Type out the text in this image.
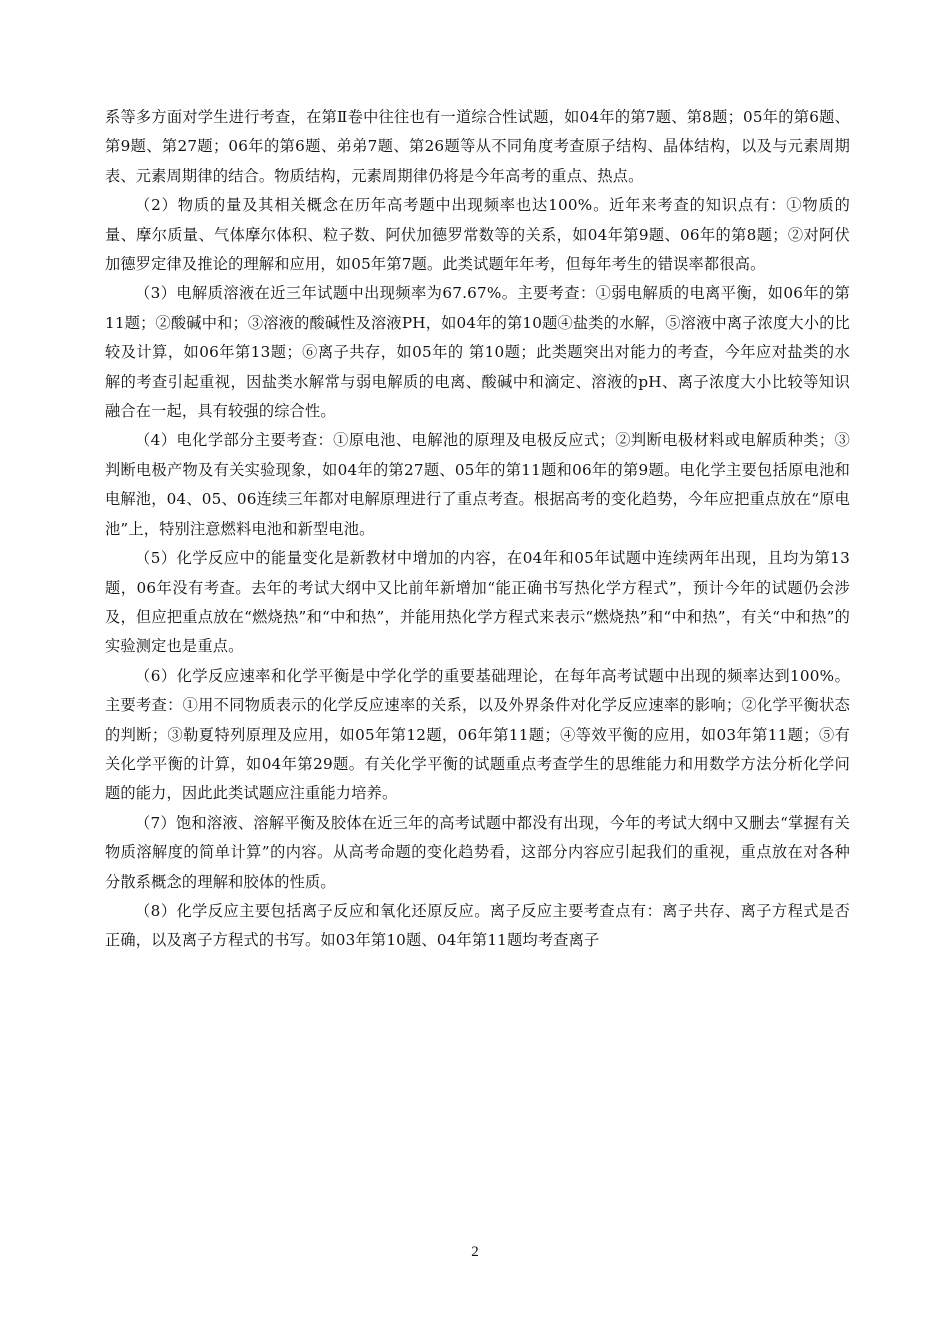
系等多方面对学生进行考查，在第Ⅱ卷中往往也有一道综合性试题，如04年的第7题、第8题；05年的第6题、第9题、第27题；06年的第6题、弟弟7题、第26题等从不同角度考查原子结构、晶体结构，以及与元素周期表、元素周期律的结合。物质结构，元素周期律仍将是今年高考的重点、热点。

（2）物质的量及其相关概念在历年高考题中出现频率也达100%。近年来考查的知识点有：①物质的量、摩尔质量、气体摩尔体积、粒子数、阿伏加德罗常数等的关系，如04年第9题、06年的第8题；②对阿伏加德罗定律及推论的理解和应用，如05年第7题。此类试题年年考，但每年考生的错误率都很高。

（3）电解质溶液在近三年试题中出现频率为67.67%。主要考查：①弱电解质的电离平衡，如06年的第11题；②酸碱中和；③溶液的酸碱性及溶液PH，如04年的第10题④盐类的水解，⑤溶液中离子浓度大小的比较及计算，如06年第13题；⑥离子共存，如05年的 第10题；此类题突出对能力的考查，今年应对盐类的水解的考查引起重视，因盐类水解常与弱电解质的电离、酸碱中和滴定、溶液的pH、离子浓度大小比较等知识融合在一起，具有较强的综合性。

（4）电化学部分主要考查：①原电池、电解池的原理及电极反应式；②判断电极材料或电解质种类；③判断电极产物及有关实验现象，如04年的第27题、05年的第11题和06年的第9题。电化学主要包括原电池和电解池，04、05、06连续三年都对电解原理进行了重点考查。根据高考的变化趋势，今年应把重点放在“原电池”上，特别注意燃料电池和新型电池。

（5）化学反应中的能量变化是新教材中增加的内容，在04年和05年试题中连续两年出现，且均为第13题，06年没有考查。去年的考试大纲中又比前年新增加“能正确书写热化学方程式”，预计今年的试题仍会涉及，但应把重点放在“燃烧热”和“中和热”，并能用热化学方程式来表示“燃烧热”和“中和热”，有关“中和热”的实验测定也是重点。

（6）化学反应速率和化学平衡是中学化学的重要基础理论，在每年高考试题中出现的频率达到100%。主要考查：①用不同物质表示的化学反应速率的关系，以及外界条件对化学反应速率的影响；②化学平衡状态的判断；③勒夏特列原理及应用，如05年第12题，06年第11题；④等效平衡的应用，如03年第11题；⑤有关化学平衡的计算，如04年第29题。有关化学平衡的试题重点考查学生的思维能力和用数学方法分析化学问题的能力，因此此类试题应注重能力培养。

（7）饱和溶液、溶解平衡及胶体在近三年的高考试题中都没有出现，今年的考试大纲中又删去“掌握有关物质溶解度的简单计算”的内容。从高考命题的变化趋势看，这部分内容应引起我们的重视，重点放在对各种分散系概念的理解和胶体的性质。

（8）化学反应主要包括离子反应和氧化还原反应。离子反应主要考查点有：离子共存、离子方程式是否正确，以及离子方程式的书写。如03年第10题、04年第11题均考查离子

2
